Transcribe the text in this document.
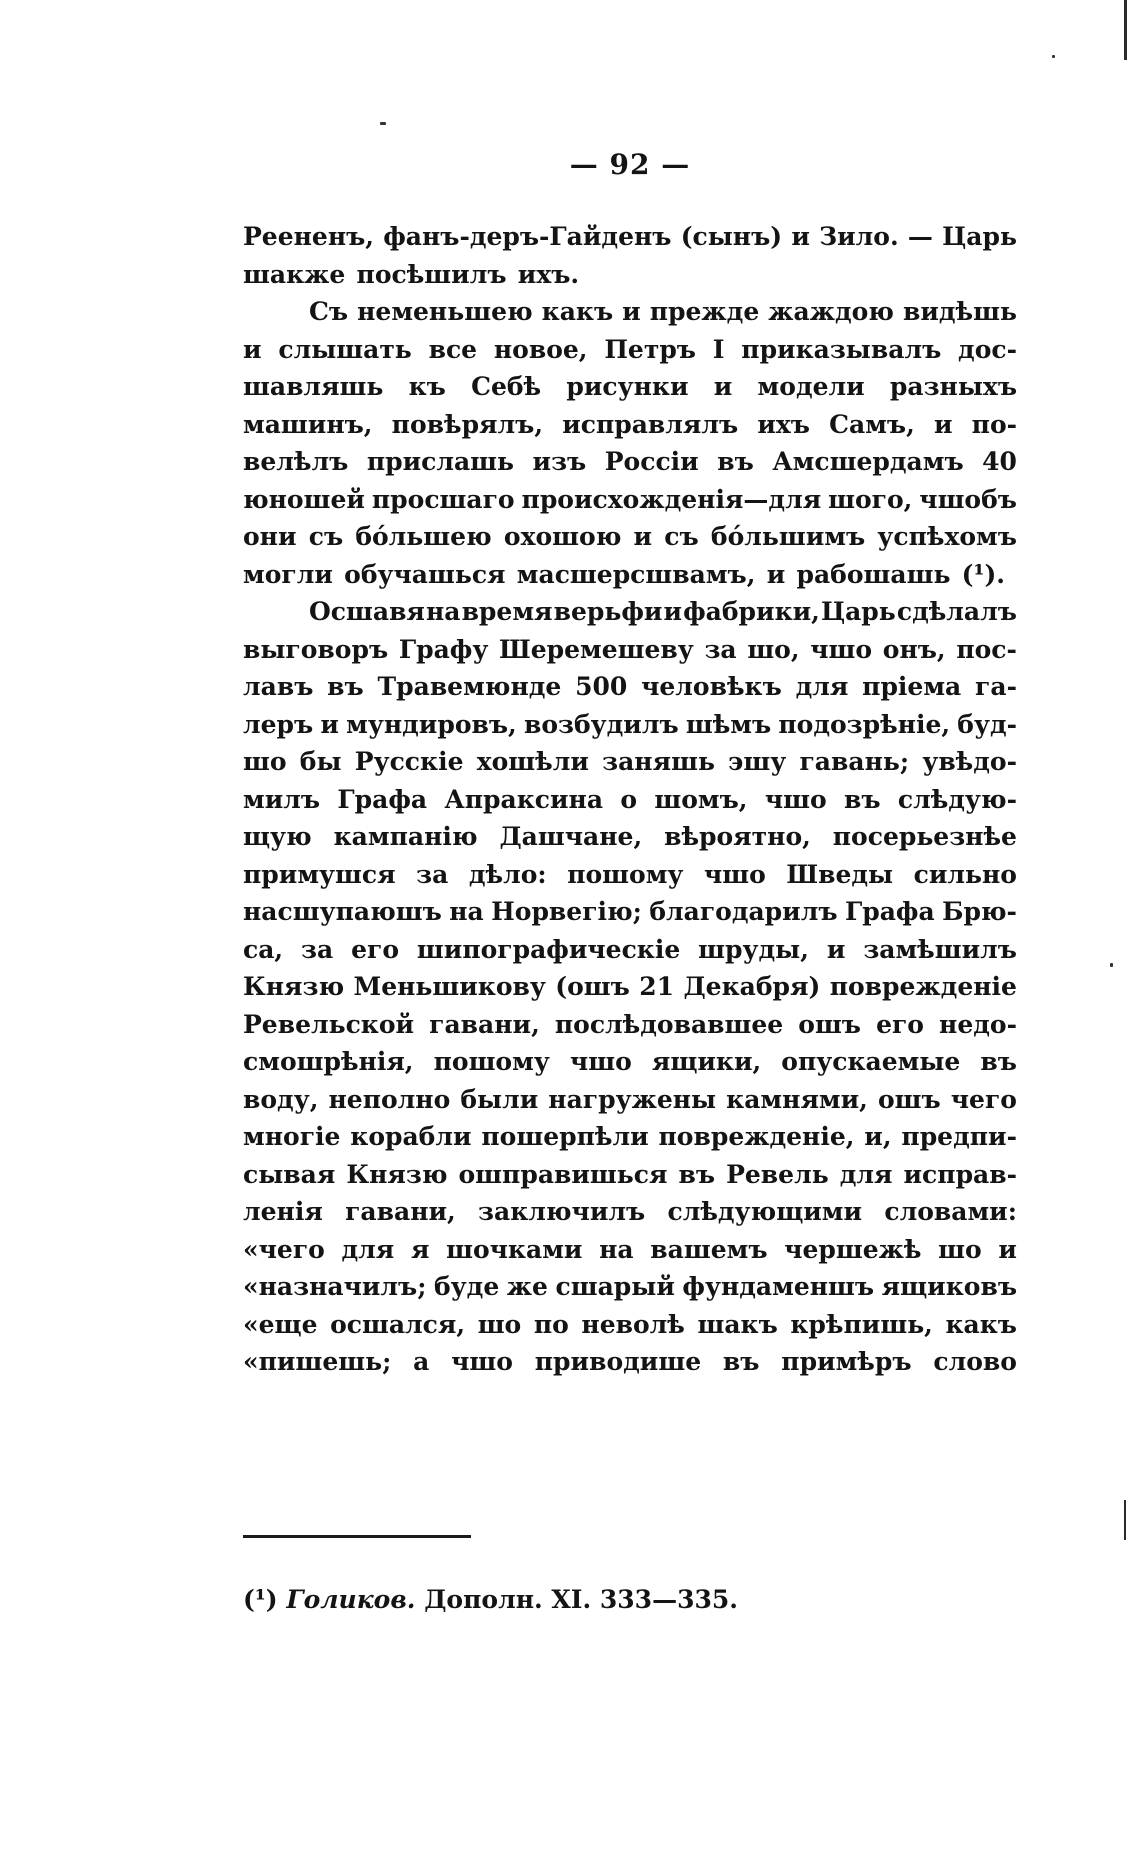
— 92 —
Реененъ, фанъ-деръ-Гайденъ (сынъ) и Зило. — Царь
шакже посѣшилъ ихъ.
Съ неменьшею какъ и прежде жаждою видѣшь
и слышать все новое, Петръ I приказывалъ дос-
шавляшь къ Себѣ рисунки и модели разныхъ
машинъ, повѣрялъ, исправлялъ ихъ Самъ, и по-
велѣлъ прислашь изъ Россіи въ Амсшердамъ 40
юношей просшаго происхожденія—для шого, чшобъ
они съ бóльшею охошою и съ бóльшимъ успѣхомъ
могли обучашься масшерсшвамъ, и рабошашь (¹).
Осшавя на время верьфи и фабрики, Царь сдѣлалъ
выговоръ Графу Шеремешеву за шо, чшо онъ, пос-
лавъ въ Травемюнде 500 человѣкъ для пріема га-
леръ и мундировъ, возбудилъ шѣмъ подозрѣніе, буд-
шо бы Русскіе хошѣли заняшь эшу гавань; увѣдо-
милъ Графа Апраксина о шомъ, чшо въ слѣдую-
щую кампанію Дашчане, вѣроятно, посерьезнѣе
примушся за дѣло: пошому чшо Шведы сильно
насшупаюшъ на Норвегію; благодарилъ Графа Брю-
са, за его шипографическіе шруды, и замѣшилъ
Князю Меньшикову (ошъ 21 Декабря) поврежденіе
Ревельской гавани, послѣдовавшее ошъ его недо-
смошрѣнія, пошому чшо ящики, опускаемые въ
воду, неполно были нагружены камнями, ошъ чего
многіе корабли пошерпѣли поврежденіе, и, предпи-
сывая Князю ошправишься въ Ревель для исправ-
ленія гавани, заключилъ слѣдующими словами:
«чего для я шочками на вашемъ чершежѣ шо и
«назначилъ; буде же сшарый фундаменшъ ящиковъ
«еще осшался, шо по неволѣ шакъ крѣпишь, какъ
«пишешь; а чшо приводише въ примѣръ слово
(¹) Голиков. Дополн. XI. 333—335.
